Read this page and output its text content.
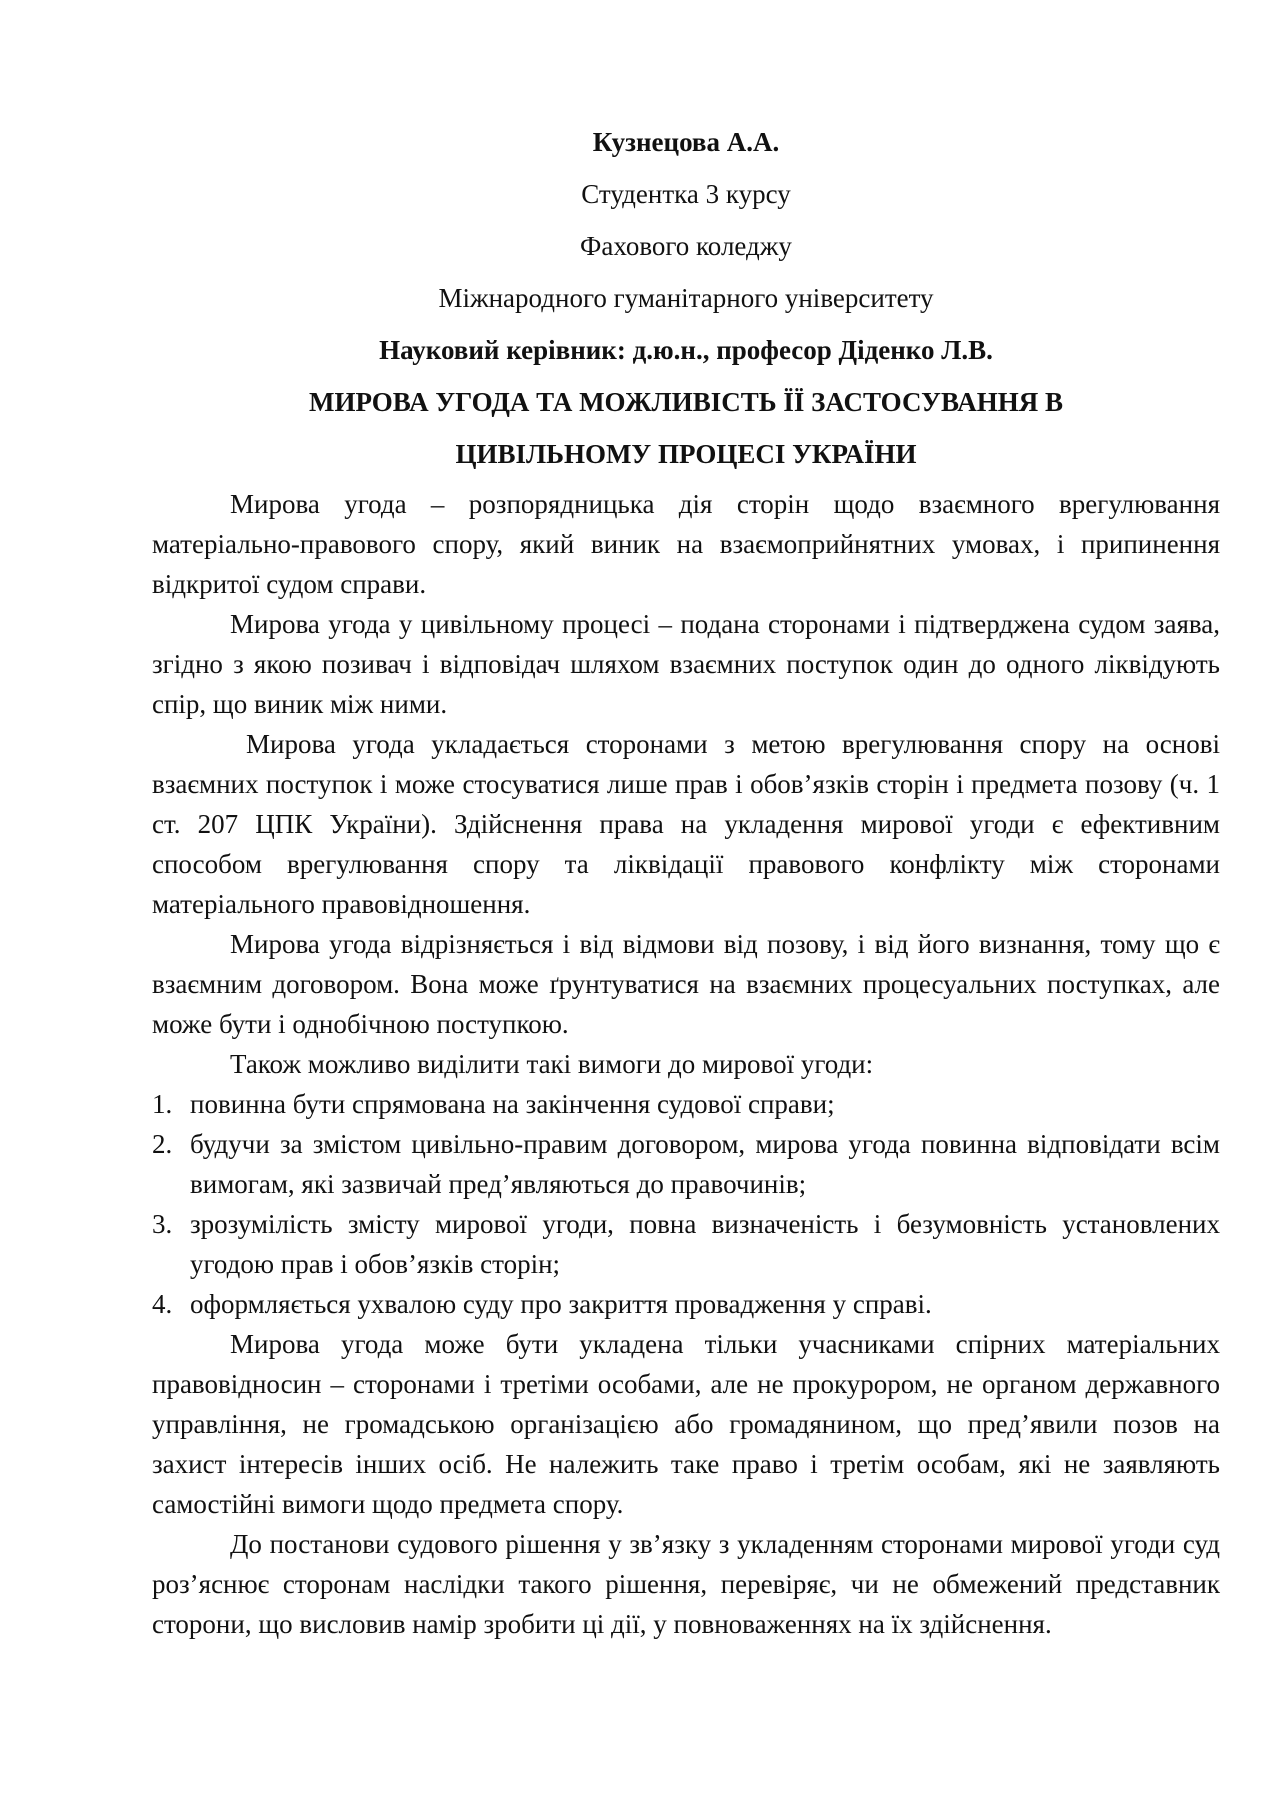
Кузнецова А.А.

Студентка 3 курсу

Фахового коледжу

Міжнародного гуманітарного університету

Науковий керівник: д.ю.н., професор Діденко Л.В.

МИРОВА УГОДА ТА МОЖЛИВІСТЬ ЇЇ ЗАСТОСУВАННЯ В

ЦИВІЛЬНОМУ ПРОЦЕСІ УКРАЇНИ

Мирова угода – розпорядницька дія сторін щодо взаємного врегулювання матеріально-правового спору, який виник на взаємоприйнятних умовах, і припинення відкритої судом справи.

Мирова угода у цивільному процесі – подана сторонами і підтверджена судом заява, згідно з якою позивач і відповідач шляхом взаємних поступок один до одного ліквідують спір, що виник між ними.

Мирова угода укладається сторонами з метою врегулювання спору на основі взаємних поступок і може стосуватися лише прав і обов’язків сторін і предмета позову (ч. 1 ст. 207 ЦПК України). Здійснення права на укладення мирової угоди є ефективним способом врегулювання спору та ліквідації правового конфлікту між сторонами матеріального правовідношення.

Мирова угода відрізняється і від відмови від позову, і від його визнання, тому що є взаємним договором. Вона може ґрунтуватися на взаємних процесуальних поступках, але може бути і однобічною поступкою.

Також можливо виділити такі вимоги до мирової угоди:

1. повинна бути спрямована на закінчення судової справи;
2. будучи за змістом цивільно-правим договором, мирова угода повинна відповідати всім вимогам, які зазвичай пред’являються до правочинів;
3. зрозумілість змісту мирової угоди, повна визначеність і безумовність установлених угодою прав і обов’язків сторін;
4. оформляється ухвалою суду про закриття провадження у справі.

Мирова угода може бути укладена тільки учасниками спірних матеріальних правовідносин – сторонами і третіми особами, але не прокурором, не органом державного управління, не громадською організацією або громадянином, що пред’явили позов на захист інтересів інших осіб. Не належить таке право і третім особам, які не заявляють самостійні вимоги щодо предмета спору.

До постанови судового рішення у зв’язку з укладенням сторонами мирової угоди суд роз’яснює сторонам наслідки такого рішення, перевіряє, чи не обмежений представник сторони, що висловив намір зробити ці дії, у повноваженнях на їх здійснення.
